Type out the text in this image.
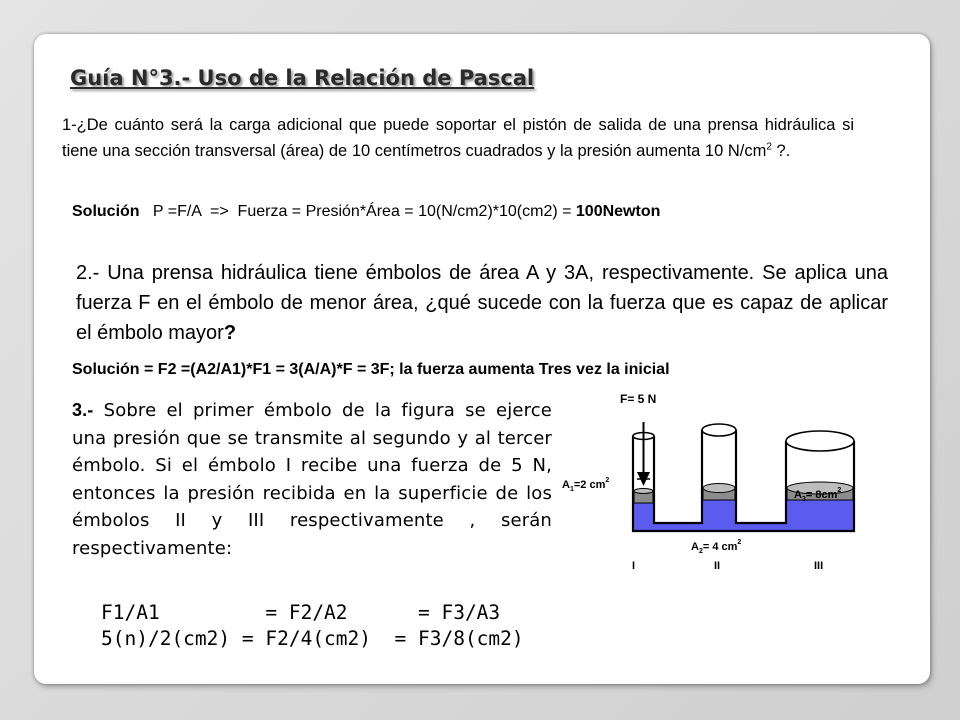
Guía N°3.- Uso de la Relación de Pascal

1-¿De cuánto será la carga adicional que puede soportar el pistón de salida de una prensa hidráulica si tiene una sección transversal (área) de 10 centímetros cuadrados y la presión aumenta 10 $N/cm^2$ ?.

Solución   P =F/A  =>  Fuerza = Presión*Área = 10(N/cm2)*10(cm2) = 100Newton

2.- Una prensa hidráulica tiene émbolos de área A y 3A, respectivamente. Se aplica una fuerza F en el émbolo de menor área, ¿qué sucede con la fuerza que es capaz de aplicar el émbolo mayor?

Solución = F2 =(A2/A1)*F1 = 3(A/A)*F = 3F; la fuerza aumenta Tres vez la inicial

3.- Sobre el primer émbolo de la figura se ejerce una presión que se transmite al segundo y al tercer émbolo. Si el émbolo I recibe una fuerza de 5 N, entonces la presión recibida en la superficie de los émbolos II y III respectivamente , serán respectivamente:

F= 5 N
$A_1=2$ $cm^2$
$A_2= 4$ $cm^2$
$A_3= 8cm^2$
I	II	III
F1/A1         = F2/A2      = F3/A3
5(n)/2(cm2) = F2/4(cm2)  = F3/8(cm2)
